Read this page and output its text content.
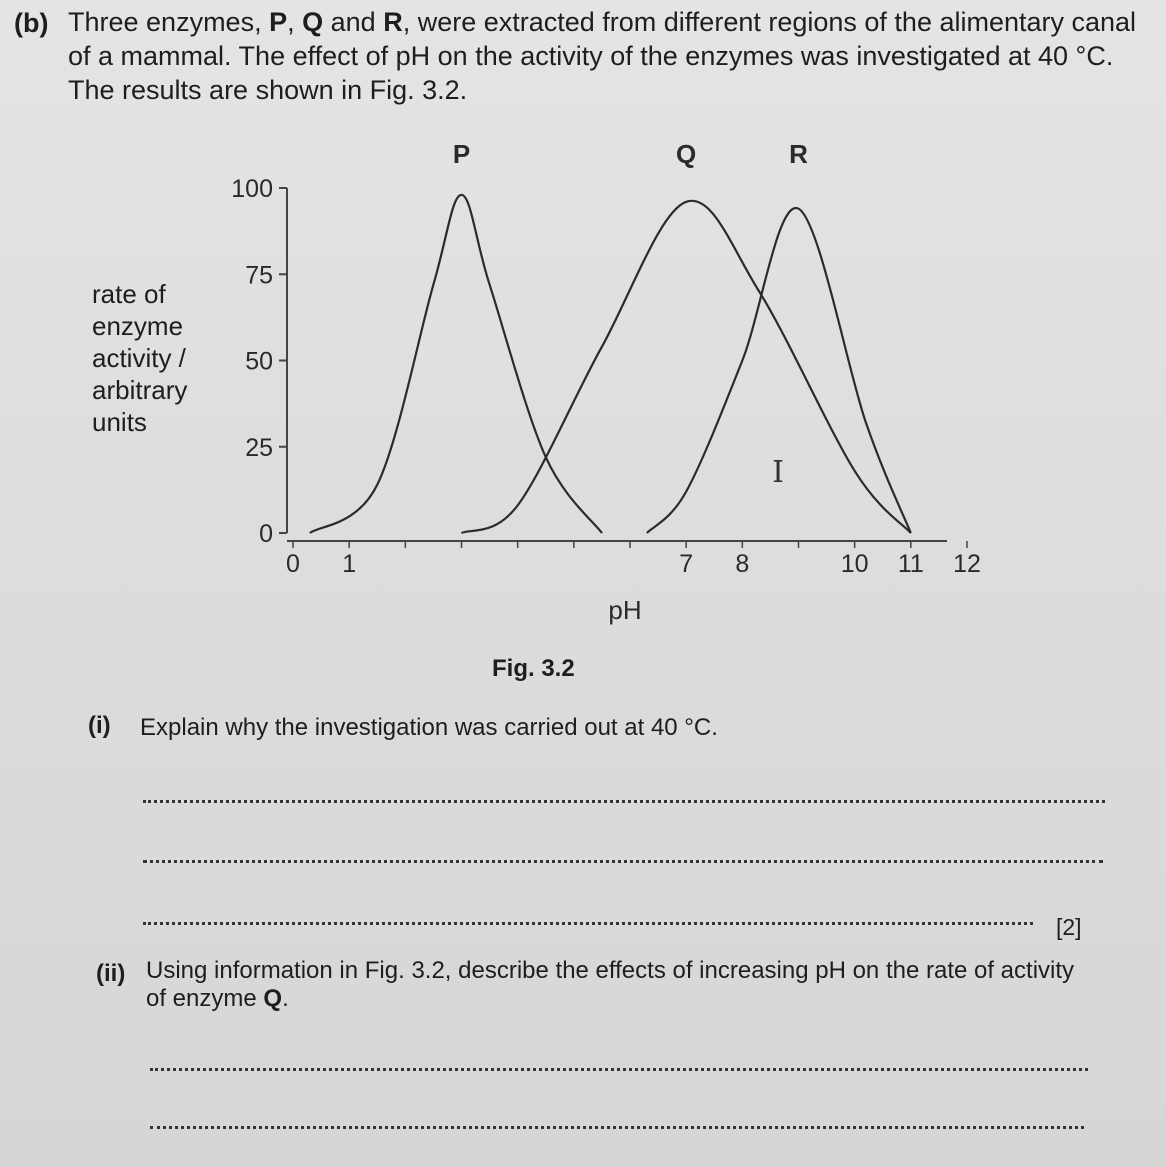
(b) Three enzymes, P, Q and R, were extracted from different regions of the alimentary canal of a mammal. The effect of pH on the activity of the enzymes was investigated at 40 °C. The results are shown in Fig. 3.2.
rate of
enzyme
activity /
arbitrary
units
0
25
50
75
100
0 1	7 8	10 11 12
pH
P	Q	R
I
Fig. 3.2
(i) Explain why the investigation was carried out at 40 °C.
[2]
(ii) Using information in Fig. 3.2, describe the effects of increasing pH on the rate of activity of enzyme Q.
